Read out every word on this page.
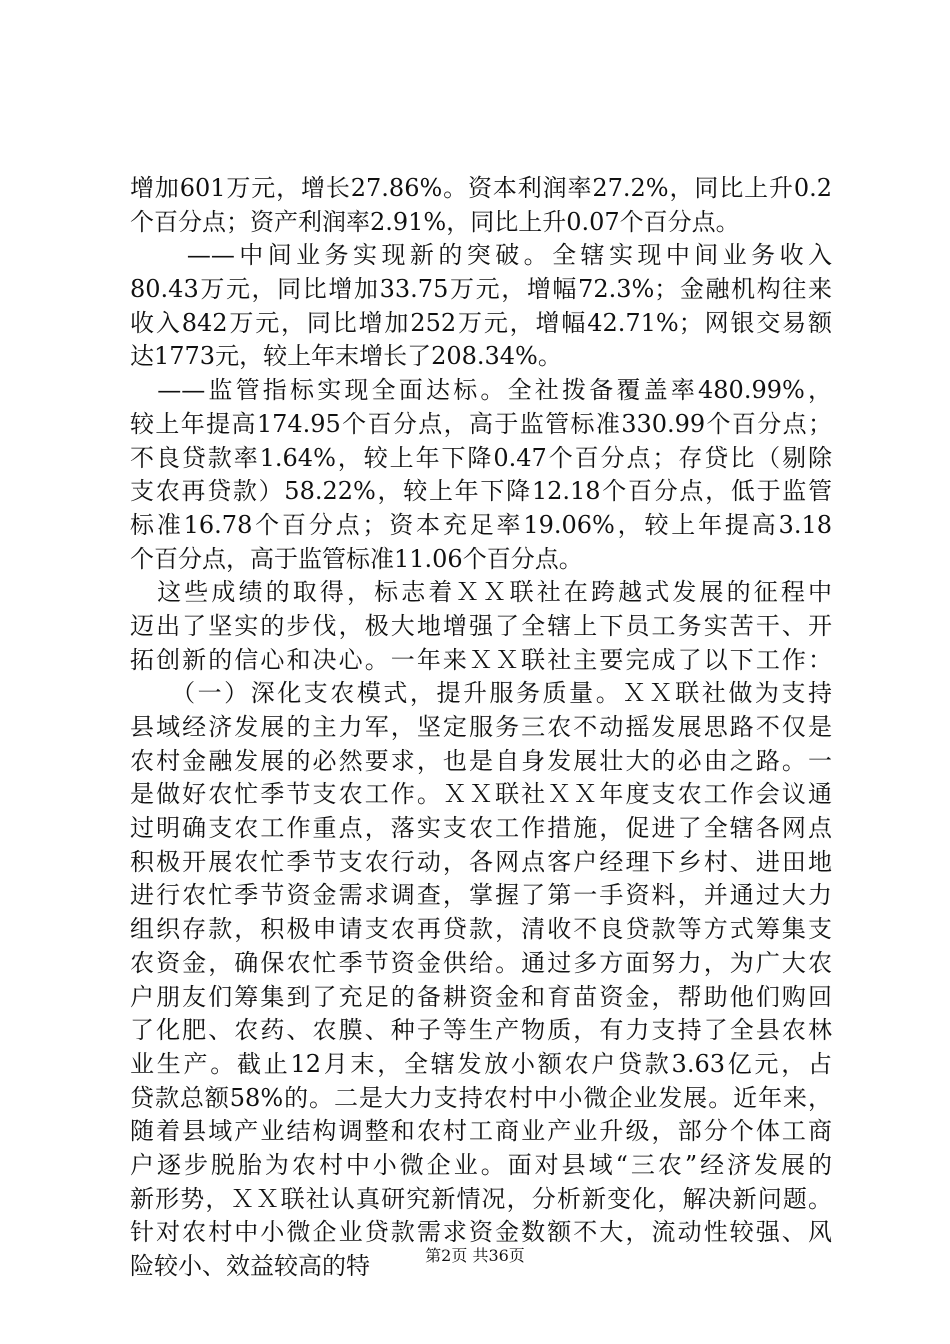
增加601万元，增长27.86%。资本利润率27.2%，同比上升0.2
个百分点；资产利润率2.91%，同比上升0.07个百分点。
　　——中间业务实现新的突破。全辖实现中间业务收入
80.43万元，同比增加33.75万元，增幅72.3%；金融机构往来
收入842万元，同比增加252万元，增幅42.71%；网银交易额
达1773元，较上年末增长了208.34%。
　——监管指标实现全面达标。全社拨备覆盖率480.99%，
较上年提高174.95个百分点，高于监管标准330.99个百分点；
不良贷款率1.64%，较上年下降0.47个百分点；存贷比（剔除
支农再贷款）58.22%，较上年下降12.18个百分点，低于监管
标准16.78个百分点；资本充足率19.06%，较上年提高3.18
个百分点，高于监管标准11.06个百分点。
　这些成绩的取得，标志着ＸＸ联社在跨越式发展的征程中
迈出了坚实的步伐，极大地增强了全辖上下员工务实苦干、开
拓创新的信心和决心。一年来ＸＸ联社主要完成了以下工作：
　　（一）深化支农模式，提升服务质量。ＸＸ联社做为支持
县域经济发展的主力军，坚定服务三农不动摇发展思路不仅是
农村金融发展的必然要求，也是自身发展壮大的必由之路。一
是做好农忙季节支农工作。ＸＸ联社ＸＸ年度支农工作会议通
过明确支农工作重点，落实支农工作措施，促进了全辖各网点
积极开展农忙季节支农行动，各网点客户经理下乡村、进田地
进行农忙季节资金需求调查，掌握了第一手资料，并通过大力
组织存款，积极申请支农再贷款，清收不良贷款等方式筹集支
农资金，确保农忙季节资金供给。通过多方面努力，为广大农
户朋友们筹集到了充足的备耕资金和育苗资金，帮助他们购回
了化肥、农药、农膜、种子等生产物质，有力支持了全县农林
业生产。截止12月末，全辖发放小额农户贷款3.63亿元，占
贷款总额58%的。二是大力支持农村中小微企业发展。近年来，
随着县域产业结构调整和农村工商业产业升级，部分个体工商
户逐步脱胎为农村中小微企业。面对县域“三农”经济发展的
新形势，ＸＸ联社认真研究新情况，分析新变化，解决新问题。
针对农村中小微企业贷款需求资金数额不大，流动性较强、风
险较小、效益较高的特	第2页 共36页
